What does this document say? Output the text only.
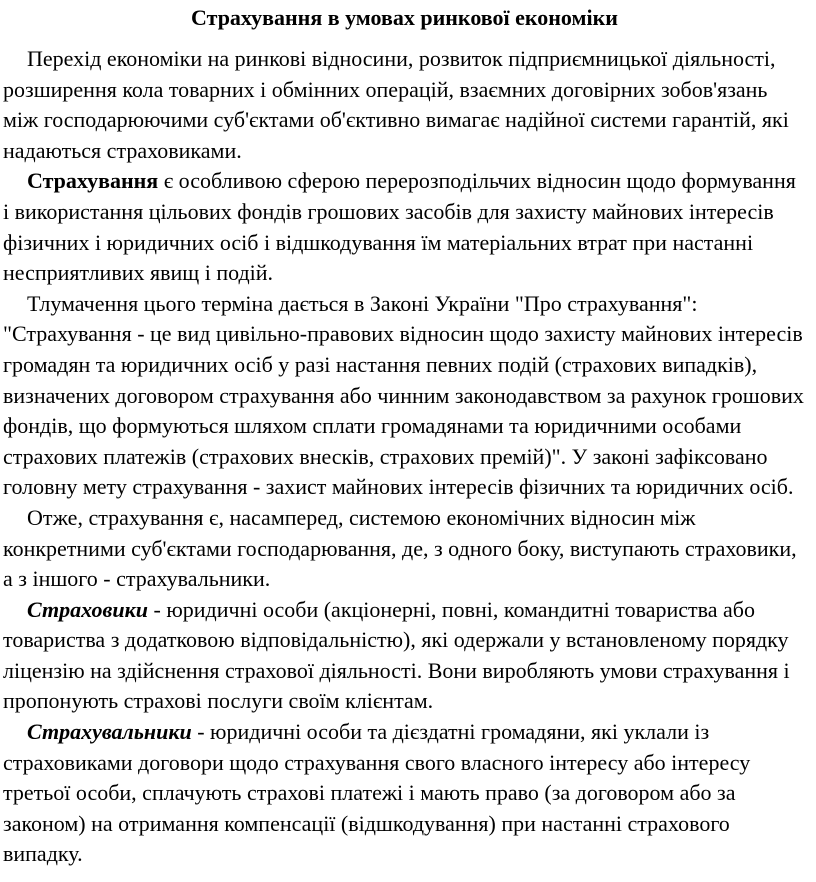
Страхування в умовах ринкової економіки

Перехід економіки на ринкові відносини, розвиток підприємницької діяльності, розширення кола товарних і обмінних операцій, взаємних договірних зобов'язань між господарюючими суб'єктами об'єктивно вимагає надійної системи гарантій, які надаються страховиками.

Страхування є особливою сферою перерозподільчих відносин щодо формування і використання цільових фондів грошових засобів для захисту майнових інтересів фізичних і юридичних осіб і відшкодування їм матеріальних втрат при настанні несприятливих явищ і подій.

Тлумачення цього терміна дається в Законі України "Про страхування": "Страхування - це вид цивільно-правових відносин щодо захисту майнових інтересів громадян та юридичних осіб у разі настання певних подій (страхових випадків), визначених договором страхування або чинним законодавством за рахунок грошових фондів, що формуються шляхом сплати громадянами та юридичними особами страхових платежів (страхових внесків, страхових премій)". У законі зафіксовано головну мету страхування - захист майнових інтересів фізичних та юридичних осіб.

Отже, страхування є, насамперед, системою економічних відносин між конкретними суб'єктами господарювання, де, з одного боку, виступають страховики, а з іншого - страхувальники.

Страховики - юридичні особи (акціонерні, повні, командитні товариства або товариства з додатковою відповідальністю), які одержали у встановленому порядку ліцензію на здійснення страхової діяльності. Вони виробляють умови страхування і пропонують страхові послуги своїм клієнтам.

Страхувальники - юридичні особи та дієздатні громадяни, які уклали із страховиками договори щодо страхування свого власного інтересу або інтересу третьої особи, сплачують страхові платежі і мають право (за договором або за законом) на отримання компенсації (відшкодування) при настанні страхового випадку.
